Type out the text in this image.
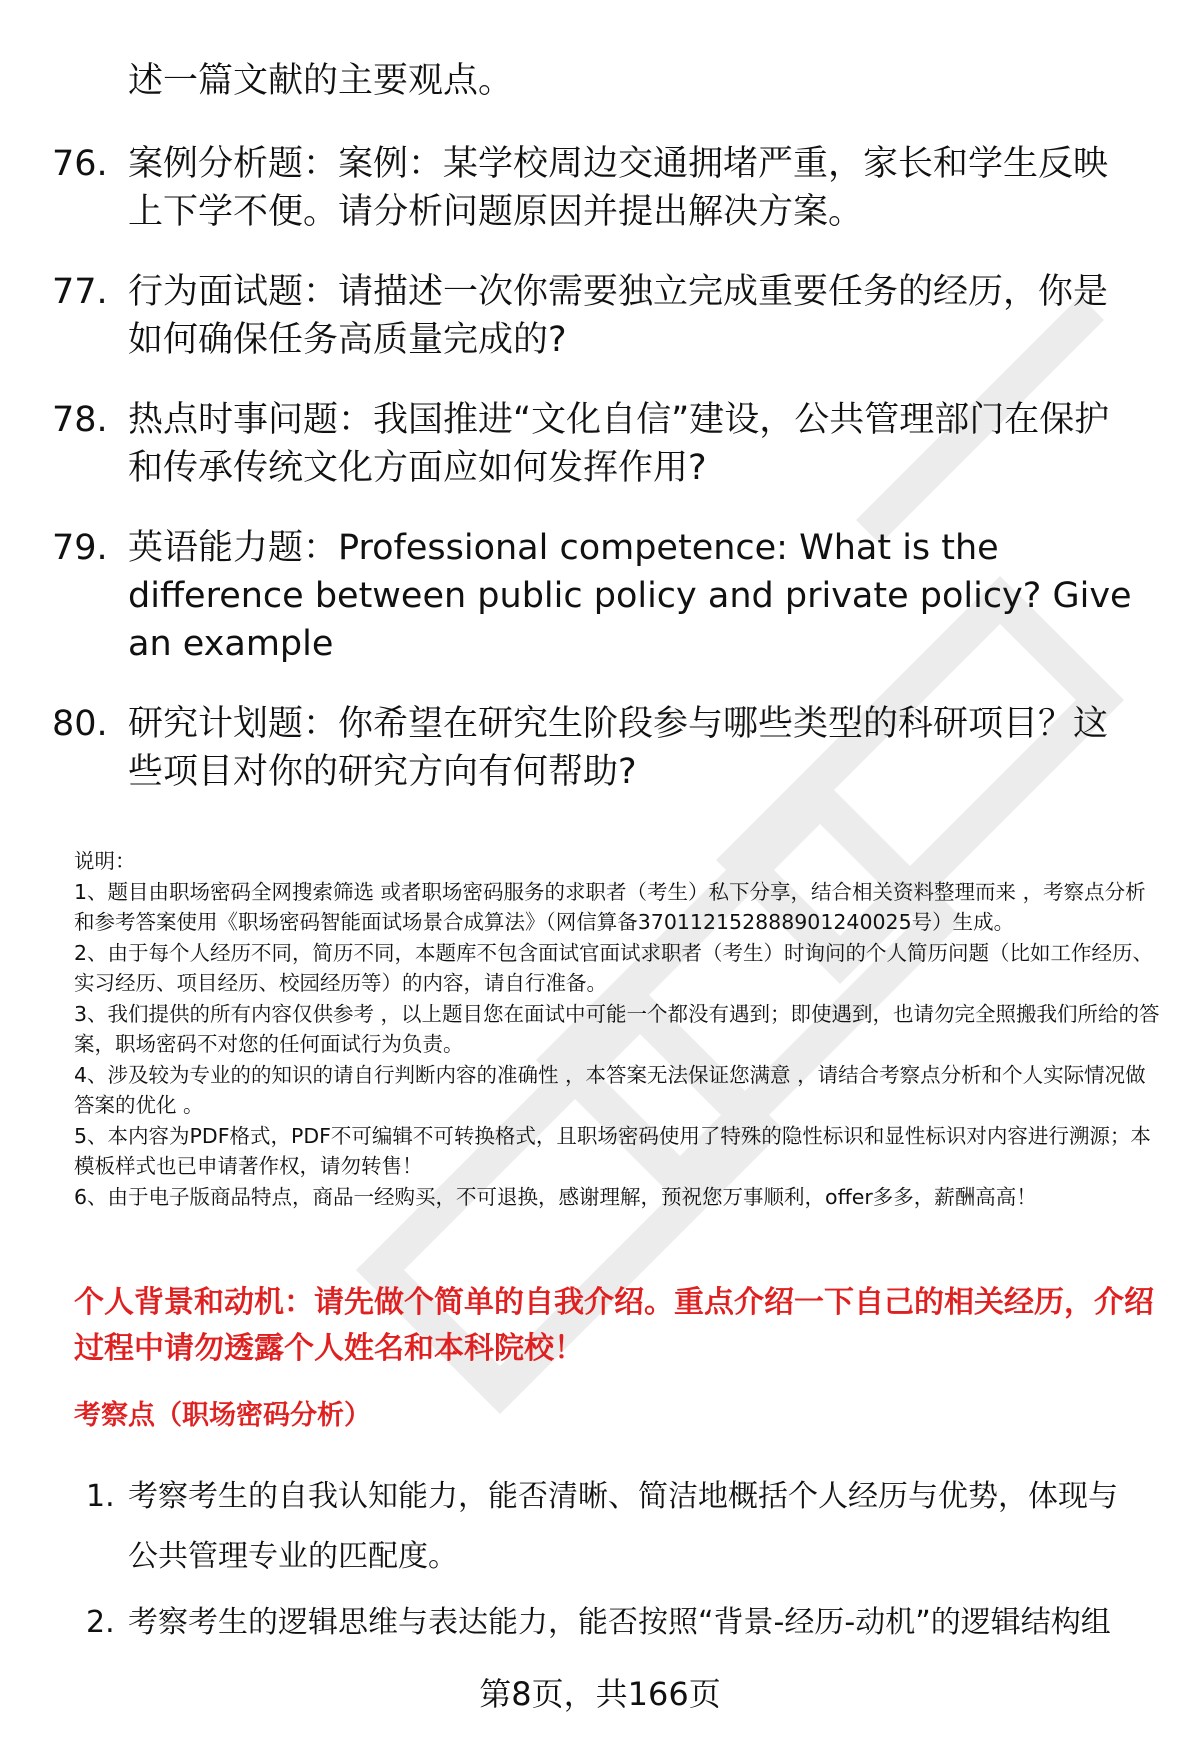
述一篇文献的主要观点。
76. 案例分析题：案例：某学校周边交通拥堵严重，家长和学生反映上下学不便。请分析问题原因并提出解决方案。
77. 行为面试题：请描述一次你需要独立完成重要任务的经历，你是如何确保任务高质量完成的?
78. 热点时事问题：我国推进“文化自信”建设，公共管理部门在保护和传承传统文化方面应如何发挥作用?
79. 英语能力题：Professional competence: What is the difference between public policy and private policy? Give an example
80. 研究计划题：你希望在研究生阶段参与哪些类型的科研项目？这些项目对你的研究方向有何帮助?

说明：

1、题目由职场密码全网搜索筛选 或者职场密码服务的求职者（考生）私下分享，结合相关资料整理而来 ，考察点分析和参考答案使用《职场密码智能面试场景合成算法》（网信算备370112152888901240025号）生成。

2、由于每个人经历不同，简历不同，本题库不包含面试官面试求职者（考生）时询问的个人简历问题（比如工作经历、实习经历、项目经历、校园经历等）的内容，请自行准备。

3、我们提供的所有内容仅供参考 ，以上题目您在面试中可能一个都没有遇到；即使遇到，也请勿完全照搬我们所给的答案，职场密码不对您的任何面试行为负责。

4、涉及较为专业的的知识的请自行判断内容的准确性 ，本答案无法保证您满意 ，请结合考察点分析和个人实际情况做答案的优化 。

5、本内容为PDF格式，PDF不可编辑不可转换格式，且职场密码使用了特殊的隐性标识和显性标识对内容进行溯源；本模板样式也已申请著作权，请勿转售！

6、由于电子版商品特点，商品一经购买，不可退换，感谢理解，预祝您万事顺利，offer多多，薪酬高高！

个人背景和动机：请先做个简单的自我介绍。重点介绍一下自己的相关经历，介绍过程中请勿透露个人姓名和本科院校！
考察点（职场密码分析）
1. 考察考生的自我认知能力，能否清晰、简洁地概括个人经历与优势，体现与公共管理专业的匹配度。
2. 考察考生的逻辑思维与表达能力，能否按照“背景-经历-动机”的逻辑结构组
第8页，共166页
